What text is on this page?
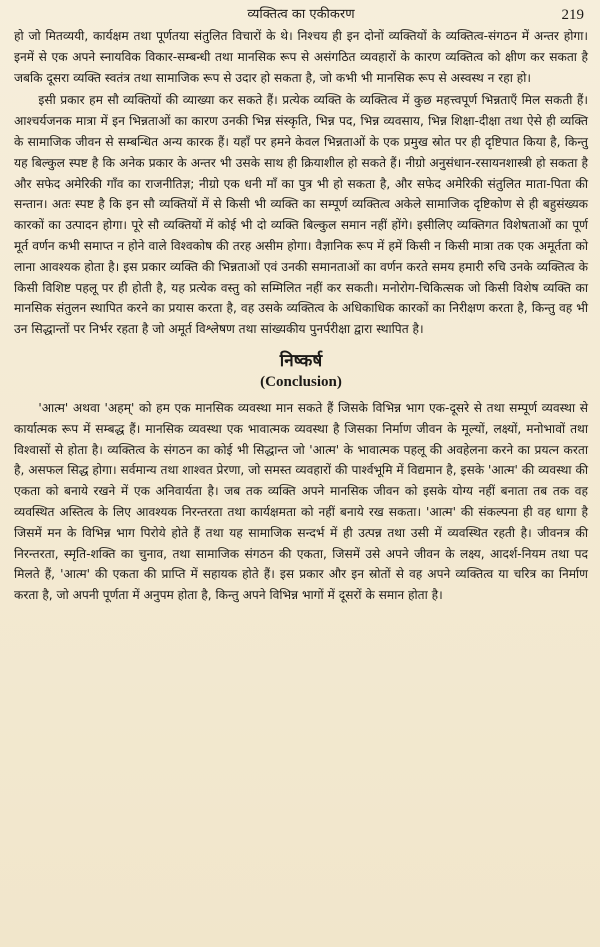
व्यक्तित्व का एकीकरण	219

हो जो मितव्ययी, कार्यक्षम तथा पूर्णतया संतुलित विचारों के थे। निश्चय ही इन दोनों व्यक्तियों के व्यक्तित्व-संगठन में अन्तर होगा। इनमें से एक अपने स्नायविक विकार-सम्बन्धी तथा मानसिक रूप से असंगठित व्यवहारों के कारण व्यक्तित्व को क्षीण कर सकता है जबकि दूसरा व्यक्ति स्वतंत्र तथा सामाजिक रूप से उदार हो सकता है, जो कभी भी मानसिक रूप से अस्वस्थ न रहा हो।

इसी प्रकार हम सौ व्यक्तियों की व्याख्या कर सकते हैं। प्रत्येक व्यक्ति के व्यक्तित्व में कुछ महत्त्वपूर्ण भिन्नताएँ मिल सकती हैं। आश्चर्यजनक मात्रा में इन भिन्नताओं का कारण उनकी भिन्न संस्कृति, भिन्न पद, भिन्न व्यवसाय, भिन्न शिक्षा-दीक्षा तथा ऐसे ही व्यक्ति के सामाजिक जीवन से सम्बन्धित अन्य कारक हैं। यहाँ पर हमने केवल भिन्नताओं के एक प्रमुख स्रोत पर ही दृष्टिपात किया है, किन्तु यह बिल्कुल स्पष्ट है कि अनेक प्रकार के अन्तर भी उसके साथ ही क्रियाशील हो सकते हैं। नीग्रो अनुसंधान-रसायनशास्त्री हो सकता है और सफेद अमेरिकी गाँव का राजनीतिज्ञ; नीग्रो एक धनी माँ का पुत्र भी हो सकता है, और सफेद अमेरिकी संतुलित माता-पिता की सन्तान। अतः स्पष्ट है कि इन सौ व्यक्तियों में से किसी भी व्यक्ति का सम्पूर्ण व्यक्तित्व अकेले सामाजिक दृष्टिकोण से ही बहुसंख्यक कारकों का उत्पादन होगा। पूरे सौ व्यक्तियों में कोई भी दो व्यक्ति बिल्कुल समान नहीं होंगे। इसीलिए व्यक्तिगत विशेषताओं का पूर्ण मूर्त वर्णन कभी समाप्त न होने वाले विश्वकोष की तरह असीम होगा। वैज्ञानिक रूप में हमें किसी न किसी मात्रा तक एक अमूर्तता को लाना आवश्यक होता है। इस प्रकार व्यक्ति की भिन्नताओं एवं उनकी समानताओं का वर्णन करते समय हमारी रुचि उनके व्यक्तित्व के किसी विशिष्ट पहलू पर ही होती है, यह प्रत्येक वस्तु को सम्मिलित नहीं कर सकती। मनोरोग-चिकित्सक जो किसी विशेष व्यक्ति का मानसिक संतुलन स्थापित करने का प्रयास करता है, वह उसके व्यक्तित्व के अधिकाधिक कारकों का निरीक्षण करता है, किन्तु वह भी उन सिद्धान्तों पर निर्भर रहता है जो अमूर्त विश्लेषण तथा सांख्यकीय पुनर्परीक्षा द्वारा स्थापित है।

निष्कर्ष
(Conclusion)

'आत्म' अथवा 'अहम्' को हम एक मानसिक व्यवस्था मान सकते हैं जिसके विभिन्न भाग एक-दूसरे से तथा सम्पूर्ण व्यवस्था से कार्यात्मक रूप में सम्बद्ध हैं। मानसिक व्यवस्था एक भावात्मक व्यवस्था है जिसका निर्माण जीवन के मूल्यों, लक्ष्यों, मनोभावों तथा विश्वासों से होता है। व्यक्तित्व के संगठन का कोई भी सिद्धान्त जो 'आत्म' के भावात्मक पहलू की अवहेलना करने का प्रयत्न करता है, असफल सिद्ध होगा। सर्वमान्य तथा शाश्वत प्रेरणा, जो समस्त व्यवहारों की पार्श्वभूमि में विद्यमान है, इसके 'आत्म' की व्यवस्था की एकता को बनाये रखने में एक अनिवार्यता है। जब तक व्यक्ति अपने मानसिक जीवन को इसके योग्य नहीं बनाता तब तक वह व्यवस्थित अस्तित्व के लिए आवश्यक निरन्तरता तथा कार्यक्षमता को नहीं बनाये रख सकता। 'आत्म' की संकल्पना ही वह धागा है जिसमें मन के विभिन्न भाग पिरोये होते हैं तथा यह सामाजिक सन्दर्भ में ही उत्पन्न तथा उसी में व्यवस्थित रहती है। जीवनत्र की निरन्तरता, स्मृति-शक्ति का चुनाव, तथा सामाजिक संगठन की एकता, जिसमें उसे अपने जीवन के लक्ष्य, आदर्श-नियम तथा पद मिलते हैं, 'आत्म' की एकता की प्राप्ति में सहायक होते हैं। इस प्रकार और इन स्रोतों से वह अपने व्यक्तित्व या चरित्र का निर्माण करता है, जो अपनी पूर्णता में अनुपम होता है, किन्तु अपने विभिन्न भागों में दूसरों के समान होता है।
